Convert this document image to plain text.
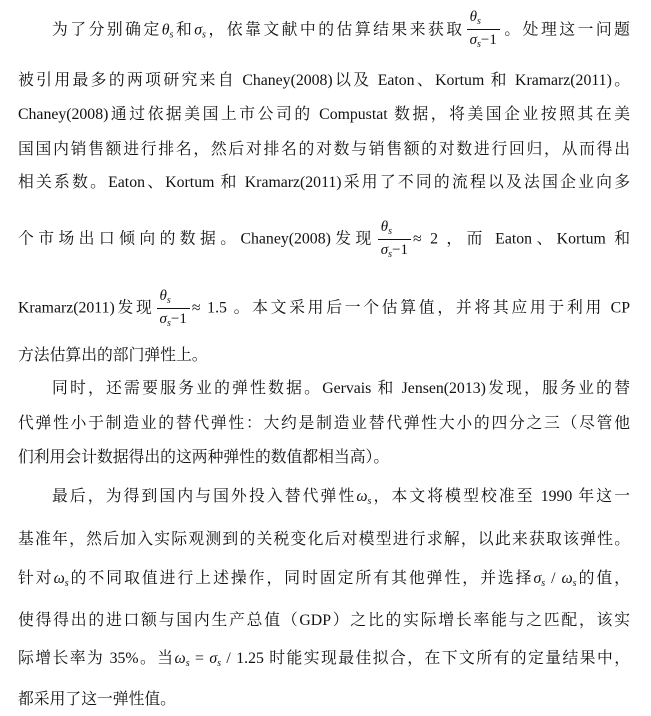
为了分别确定$\theta_s$和$\sigma_s$，依靠文献中的估算结果来获取 $\frac{\theta_s}{\sigma_s-1}$ 。处理这一问题
被引用最多的两项研究来自 Chaney(2008)以及 Eaton、Kortum 和 Kramarz(2011)。
Chaney(2008)通过依据美国上市公司的 Compustat 数据，将美国企业按照其在美
国国内销售额进行排名，然后对排名的对数与销售额的对数进行回归，从而得出
相关系数。Eaton、Kortum 和 Kramarz(2011)采用了不同的流程以及法国企业向多
个市场出口倾向的数据。Chaney(2008)发现 $\frac{\theta_s}{\sigma_s-1} \approx 2$ ，而 Eaton、Kortum 和
Kramarz(2011)发现 $\frac{\theta_s}{\sigma_s-1} \approx 1.5$ 。本文采用后一个估算值，并将其应用于利用 CP
方法估算出的部门弹性上。
同时，还需要服务业的弹性数据。Gervais 和 Jensen(2013)发现，服务业的替
代弹性小于制造业的替代弹性：大约是制造业替代弹性大小的四分之三（尽管他
们利用会计数据得出的这两种弹性的数值都相当高）。
最后，为得到国内与国外投入替代弹性$\omega_s$，本文将模型校准至 1990 年这一
基准年，然后加入实际观测到的关税变化后对模型进行求解，以此来获取该弹性。
针对$\omega_s$的不同取值进行上述操作，同时固定所有其他弹性，并选择$\sigma_s / \omega_s$的值，
使得得出的进口额与国内生产总值（GDP）之比的实际增长率能与之匹配，该实
际增长率为 35%。当$\omega_s = \sigma_s / 1.25$ 时能实现最佳拟合，在下文所有的定量结果中，
都采用了这一弹性值。
